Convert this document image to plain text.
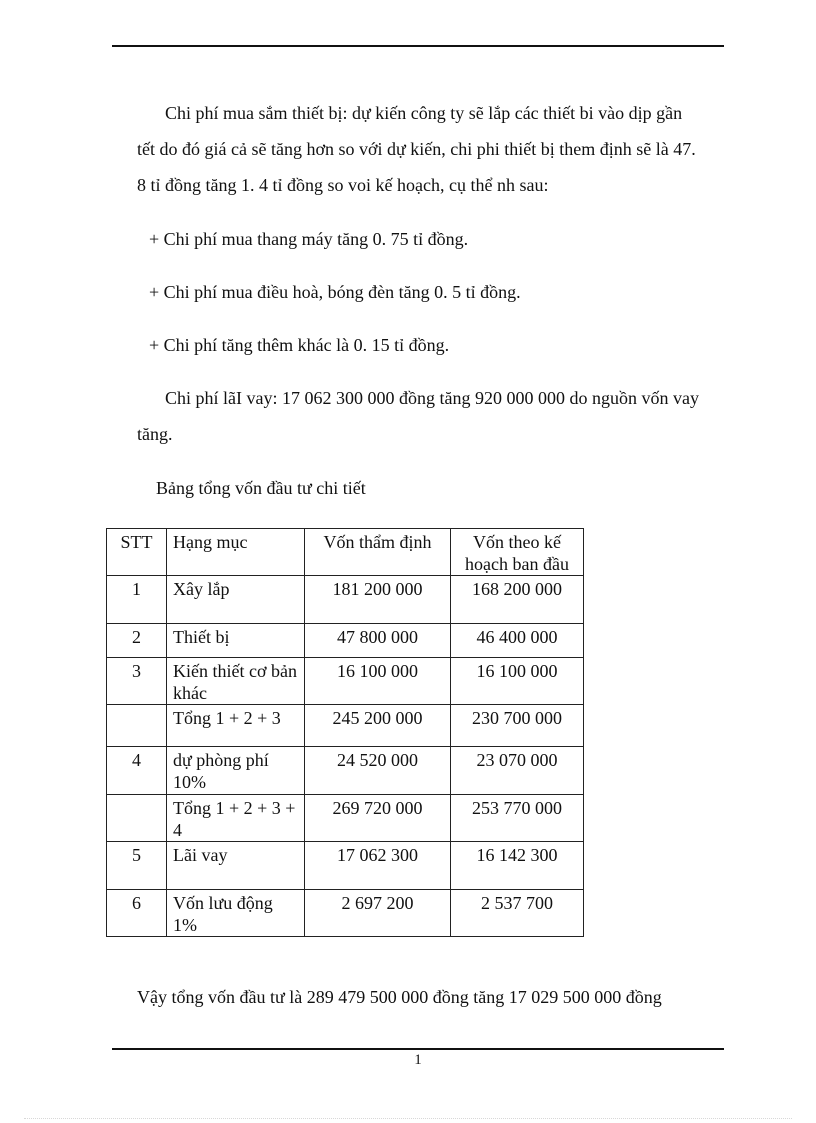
Chi phí mua sắm thiết bị: dự kiến công ty sẽ lắp các thiết bi vào dịp gần
tết do đó giá cả sẽ tăng hơn so với dự kiến, chi phi thiết bị them định sẽ là 47.
8 tỉ đồng tăng 1. 4 tỉ đồng so voi kế hoạch, cụ thể nh sau:
+ Chi phí mua thang máy tăng 0. 75 tỉ đồng.
+ Chi phí mua điều hoà, bóng đèn tăng 0. 5 tỉ đồng.
+ Chi phí tăng thêm khác là 0. 15 tỉ đồng.
Chi phí lãI vay: 17 062 300 000 đồng tăng 920 000 000 do nguồn vốn vay
tăng.
Bảng tổng vốn đầu tư chi tiết
STT	Hạng mục	Vốn thẩm định	Vốn theo kế hoạch ban đầu
1	Xây lắp	181 200 000	168 200 000
2	Thiết bị	47 800 000	46 400 000
3	Kiến thiết cơ bản khác	16 100 000	16 100 000
	Tổng 1 + 2 + 3	245 200 000	230 700 000
4	dự phòng phí 10%	24 520 000	23 070 000
	Tổng 1 + 2 + 3 + 4	269 720 000	253 770 000
5	Lãi vay	17 062 300	16 142 300
6	Vốn lưu động 1%	2 697 200	2 537 700
Vậy tổng vốn đầu tư là 289 479 500 000 đồng tăng 17 029 500 000 đồng
1
